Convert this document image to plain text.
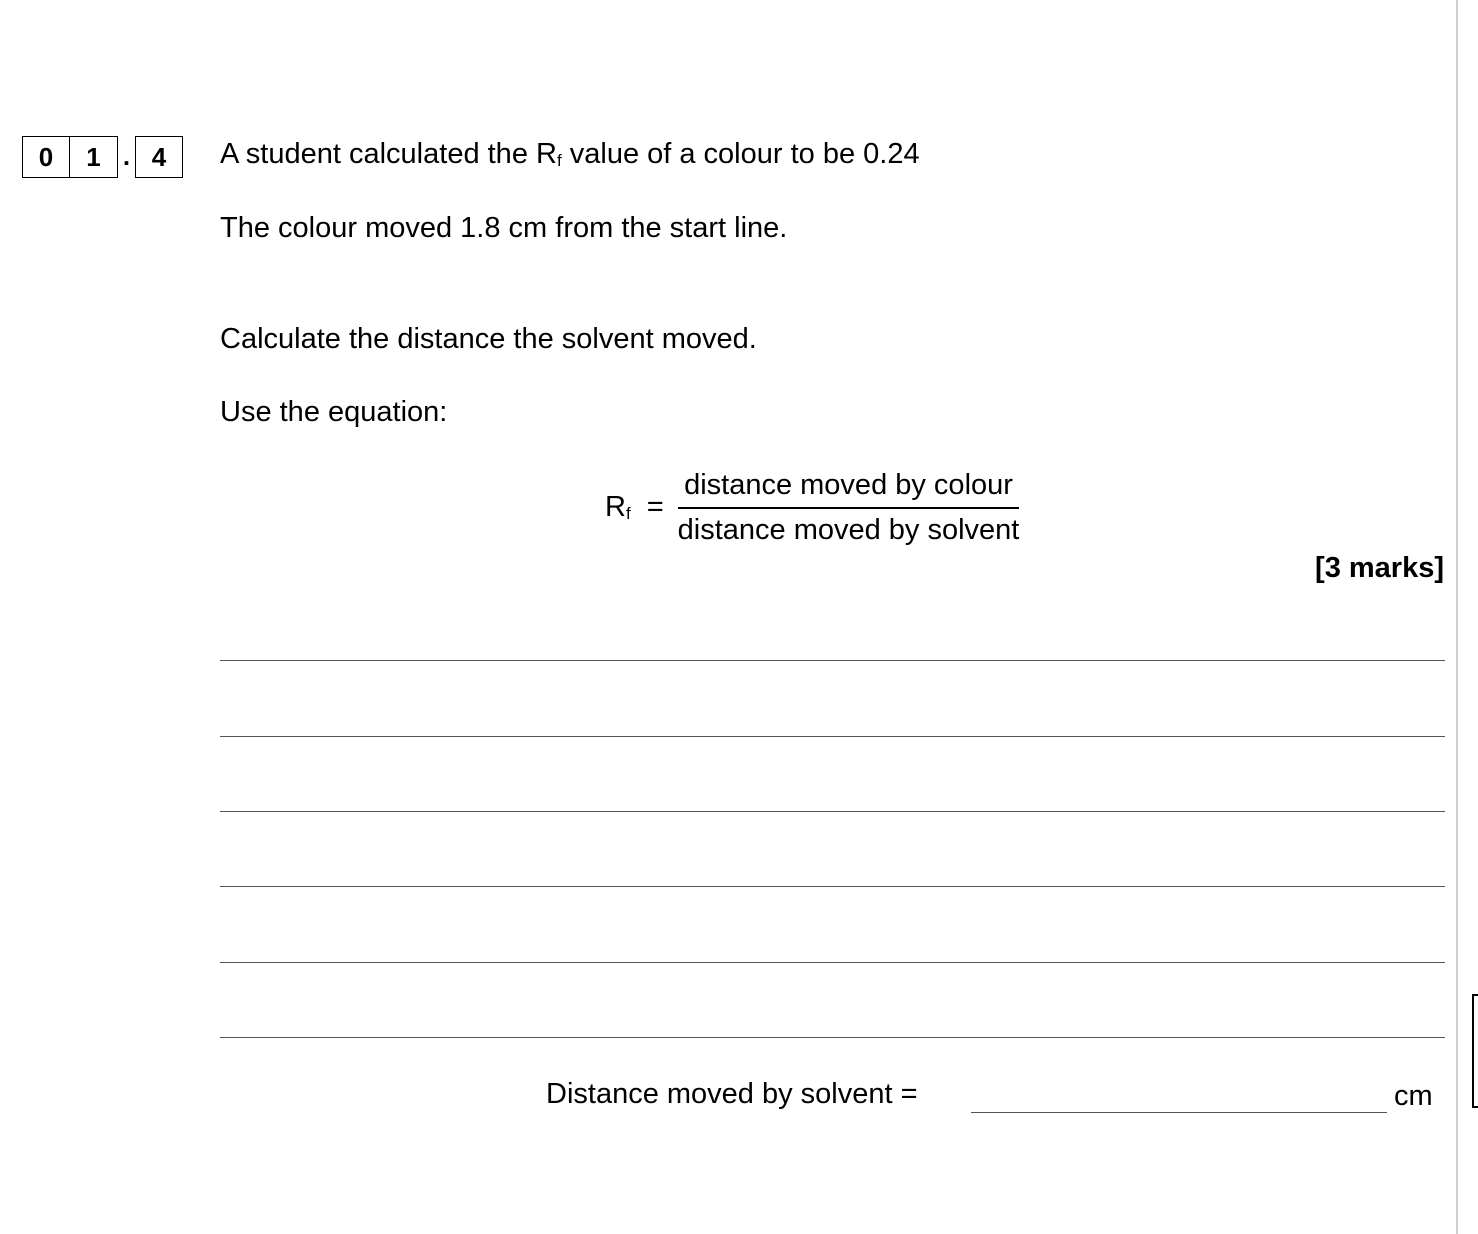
0	1 . 4	A student calculated the $R_f$ value of a colour to be 0.24
The colour moved 1.8 cm from the start line.
Calculate the distance the solvent moved.
Use the equation:
$R_f = \frac{\text{distance moved by colour}}{\text{distance moved by solvent}}$
[3 marks]
Distance moved by solvent =	cm
